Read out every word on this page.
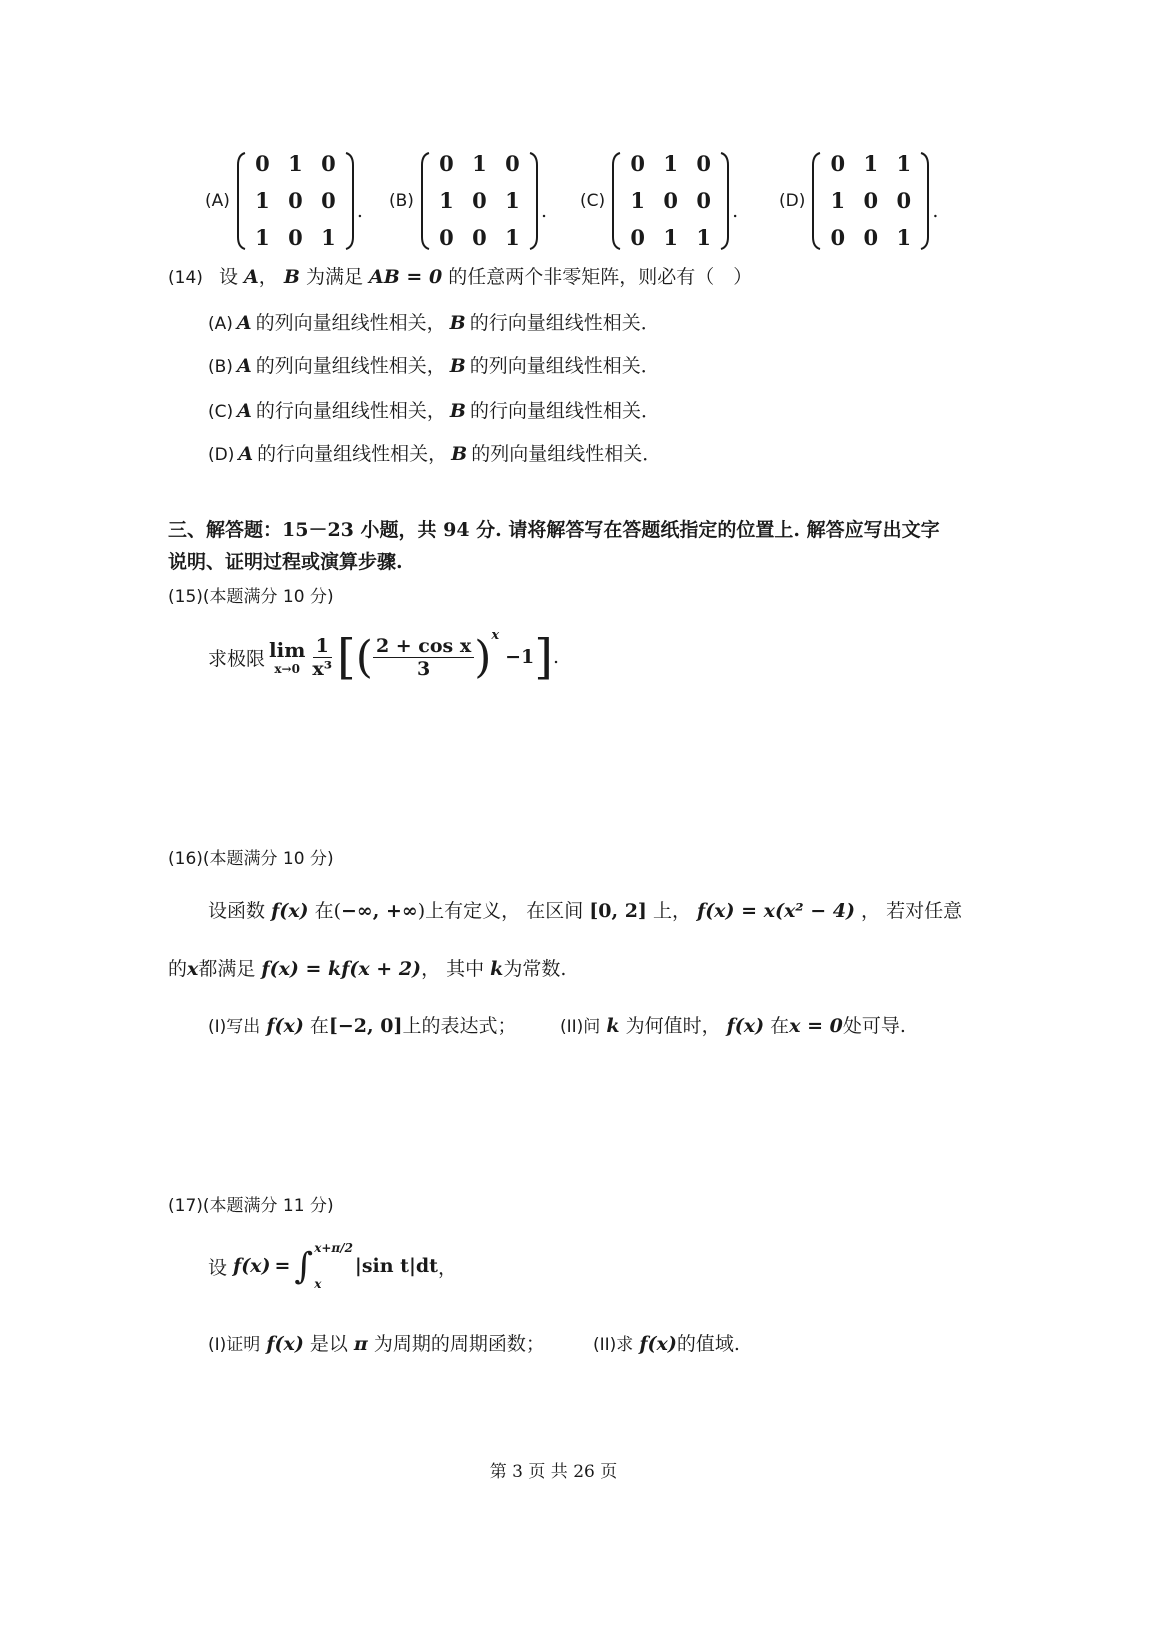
(A)
0 1 0
1 0 0
1 0 1
. (B)
0 1 0
1 0 1
0 0 1
. (C)
0 1 0
1 0 0
0 1 1
. (D)
0 1 1
1 0 0
0 0 1
.
(14) 设 A， B 为满足 AB = 0 的任意两个非零矩阵，则必有（　）
(A) A 的列向量组线性相关， B 的行向量组线性相关．
(B) A 的列向量组线性相关， B 的列向量组线性相关．
(C) A 的行向量组线性相关， B 的行向量组线性相关．
(D) A 的行向量组线性相关， B 的列向量组线性相关．
三、解答题：15－23 小题，共 94 分. 请将解答写在答题纸指定的位置上. 解答应写出文字
说明、证明过程或演算步骤.
(15)(本题满分 10 分)
求极限 lim
$x\to 0 \frac{1}{\text{x³}}$ [ ( $\frac{\text{2 + cos x}}{3}$ ) x
−1 ] .
(16)(本题满分 10 分)
设函数 f(x) 在(−∞, +∞)上有定义， 在区间 [0, 2] 上， f(x) = x(x² − 4) ， 若对任意
的x都满足 f(x) = kf(x + 2)， 其中 k为常数.
(I)写出 f(x) 在[−2, 0]上的表达式；	(II)问 k 为何值时， f(x) 在x = 0处可导.
(17)(本题满分 11 分)
设 f(x) = ∫ x+π/2
x
|sin t|dt ，
(I)证明 f(x) 是以 π 为周期的周期函数；	(II)求 f(x)的值域.
第 3 页 共 26 页
